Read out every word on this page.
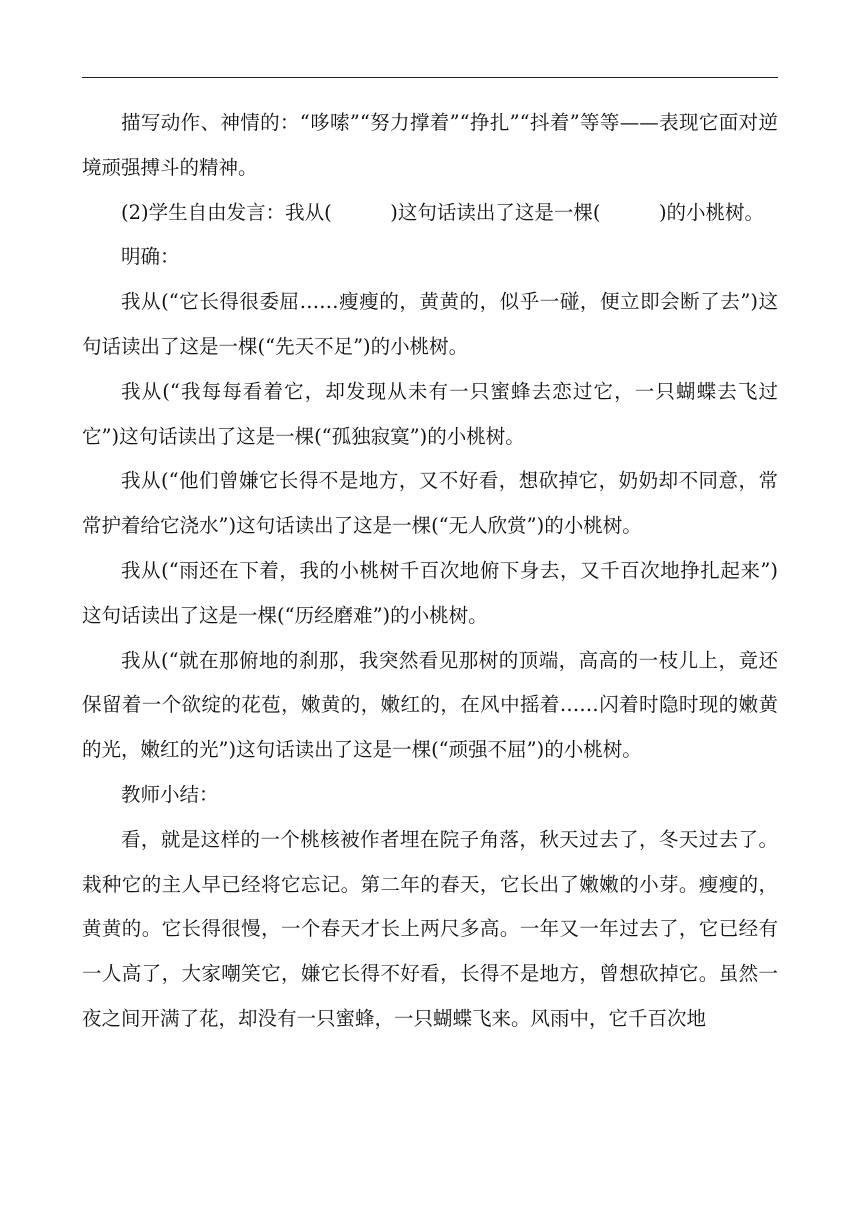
描写动作、神情的：“哆嗦”“努力撑着”“挣扎”“抖着”等等——表现它面对逆境顽强搏斗的精神。

(2)学生自由发言：我从(　　　)这句话读出了这是一棵(　　　)的小桃树。

明确：

我从(“它长得很委屈……瘦瘦的，黄黄的，似乎一碰，便立即会断了去”)这句话读出了这是一棵(“先天不足”)的小桃树。

我从(“我每每看着它，却发现从未有一只蜜蜂去恋过它，一只蝴蝶去飞过它”)这句话读出了这是一棵(“孤独寂寞”)的小桃树。

我从(“他们曾嫌它长得不是地方，又不好看，想砍掉它，奶奶却不同意，常常护着给它浇水”)这句话读出了这是一棵(“无人欣赏”)的小桃树。

我从(“雨还在下着，我的小桃树千百次地俯下身去，又千百次地挣扎起来”)这句话读出了这是一棵(“历经磨难”)的小桃树。

我从(“就在那俯地的刹那，我突然看见那树的顶端，高高的一枝儿上，竟还保留着一个欲绽的花苞，嫩黄的，嫩红的，在风中摇着……闪着时隐时现的嫩黄的光，嫩红的光”)这句话读出了这是一棵(“顽强不屈”)的小桃树。

教师小结：

看，就是这样的一个桃核被作者埋在院子角落，秋天过去了，冬天过去了。栽种它的主人早已经将它忘记。第二年的春天，它长出了嫩嫩的小芽。瘦瘦的，黄黄的。它长得很慢，一个春天才长上两尺多高。一年又一年过去了，它已经有一人高了，大家嘲笑它，嫌它长得不好看，长得不是地方，曾想砍掉它。虽然一夜之间开满了花，却没有一只蜜蜂，一只蝴蝶飞来。风雨中，它千百次地
